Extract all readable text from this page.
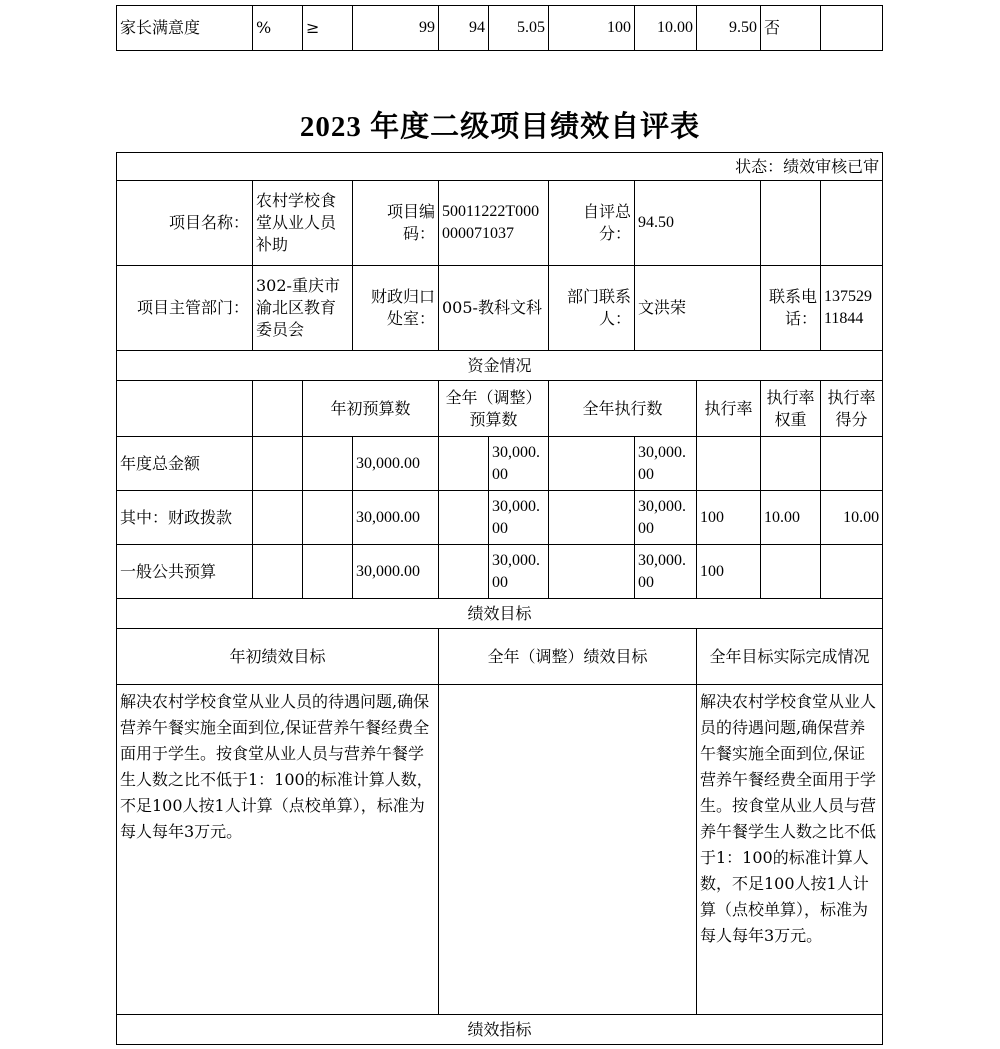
家长满意度	%	≥	99	94	5.05	100	10.00	9.50	否	
2023 年度二级项目绩效自评表
状态：绩效审核已审										
项目名称：	农村学校食堂从业人员补助		项目编码：	50011222T000000071037		自评总分：	94.50			
项目主管部门：	302-重庆市渝北区教育委员会		财政归口处室：	005-教科文科		部门联系人：	文洪荣		联系电话：	13752911844
资金情况										
		年初预算数		全年（调整）预算数		全年执行数		执行率	执行率权重	执行率得分
年度总金额			30,000.00		30,000.00		30,000.00			
其中：财政拨款			30,000.00		30,000.00		30,000.00	100	10.00	10.00
一般公共预算			30,000.00		30,000.00		30,000.00	100		
绩效目标										
年初绩效目标				全年（调整）绩效目标				全年目标实际完成情况		
解决农村学校食堂从业人员的待遇问题,确保营养午餐实施全面到位,保证营养午餐经费全面用于学生。按食堂从业人员与营养午餐学生人数之比不低于1：100的标准计算人数，不足100人按1人计算（点校单算），标准为每人每年3万元。								解决农村学校食堂从业人员的待遇问题,确保营养午餐实施全面到位,保证营养午餐经费全面用于学生。按食堂从业人员与营养午餐学生人数之比不低于1：100的标准计算人数，不足100人按1人计算（点校单算），标准为每人每年3万元。		
绩效指标										
